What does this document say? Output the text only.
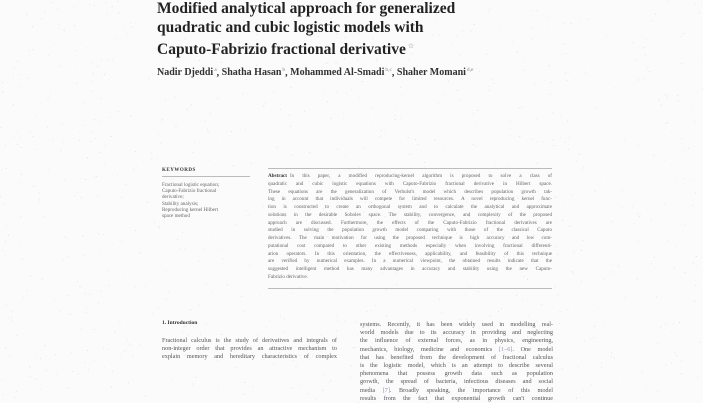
Modified analytical approach for generalized
quadratic and cubic logistic models with
Caputo-Fabrizio fractional derivative ☆
Nadir Djeddi$^a$, Shatha Hasan$^b$, Mohammed Al-Smadi$^{b,c}$, Shaher Momani$^{d,e}$
KEYWORDS
Fractional logistic equation;
Caputo-Fabrizio fractional
derivative;
Stability analysis;
Reproducing kernel Hilbert
space method
Abstract In this paper, a modified reproducing-kernel algorithm is proposed to solve a class of
quadratic and cubic logistic equations with Caputo-Fabrizio fractional derivative in Hilbert space.
These equations are the generalization of Verhulst's model which describes population growth tak-
ing in account that individuals will compete for limited resources. A novel reproducing kernel func-
tion is constructed to create an orthogonal system and to calculate the analytical and approximate
solutions in the desirable Sobolev space. The stability, convergence, and complexity of the proposed
approach are discussed. Furthermore, the effects of the Caputo-Fabrizio fractional derivatives are
studied in solving the population growth model comparing with those of the classical Caputo
derivatives. The main motivation for using the proposed technique is high accuracy and low com-
putational cost compared to other existing methods especially when involving fractional differenti-
ation operators. In this orientation, the effectiveness, applicability, and feasibility of this technique
are verified by numerical examples. In a numerical viewpoint, the obtained results indicate that the
suggested intelligent method has many advantages in accuracy and stability using the new Caputo-
Fabrizio derivative.
1. Introduction
Fractional calculus is the study of derivatives and integrals of
non-integer order that provides an attractive mechanism to
explain memory and hereditary characteristics of complex
systems. Recently, it has been widely used in modelling real-
world models due to its accuracy in providing and neglecting
the influence of external forces, as in physics, engineering,
mechanics, biology, medicine and economics [1–6]. One model
that has benefited from the development of fractional calculus
is the logistic model, which is an attempt to describe several
phenomena that possess growth data such as population
growth, the spread of bacteria, infectious diseases and social
media [7]. Broadly speaking, the importance of this model
results from the fact that exponential growth can't continue
